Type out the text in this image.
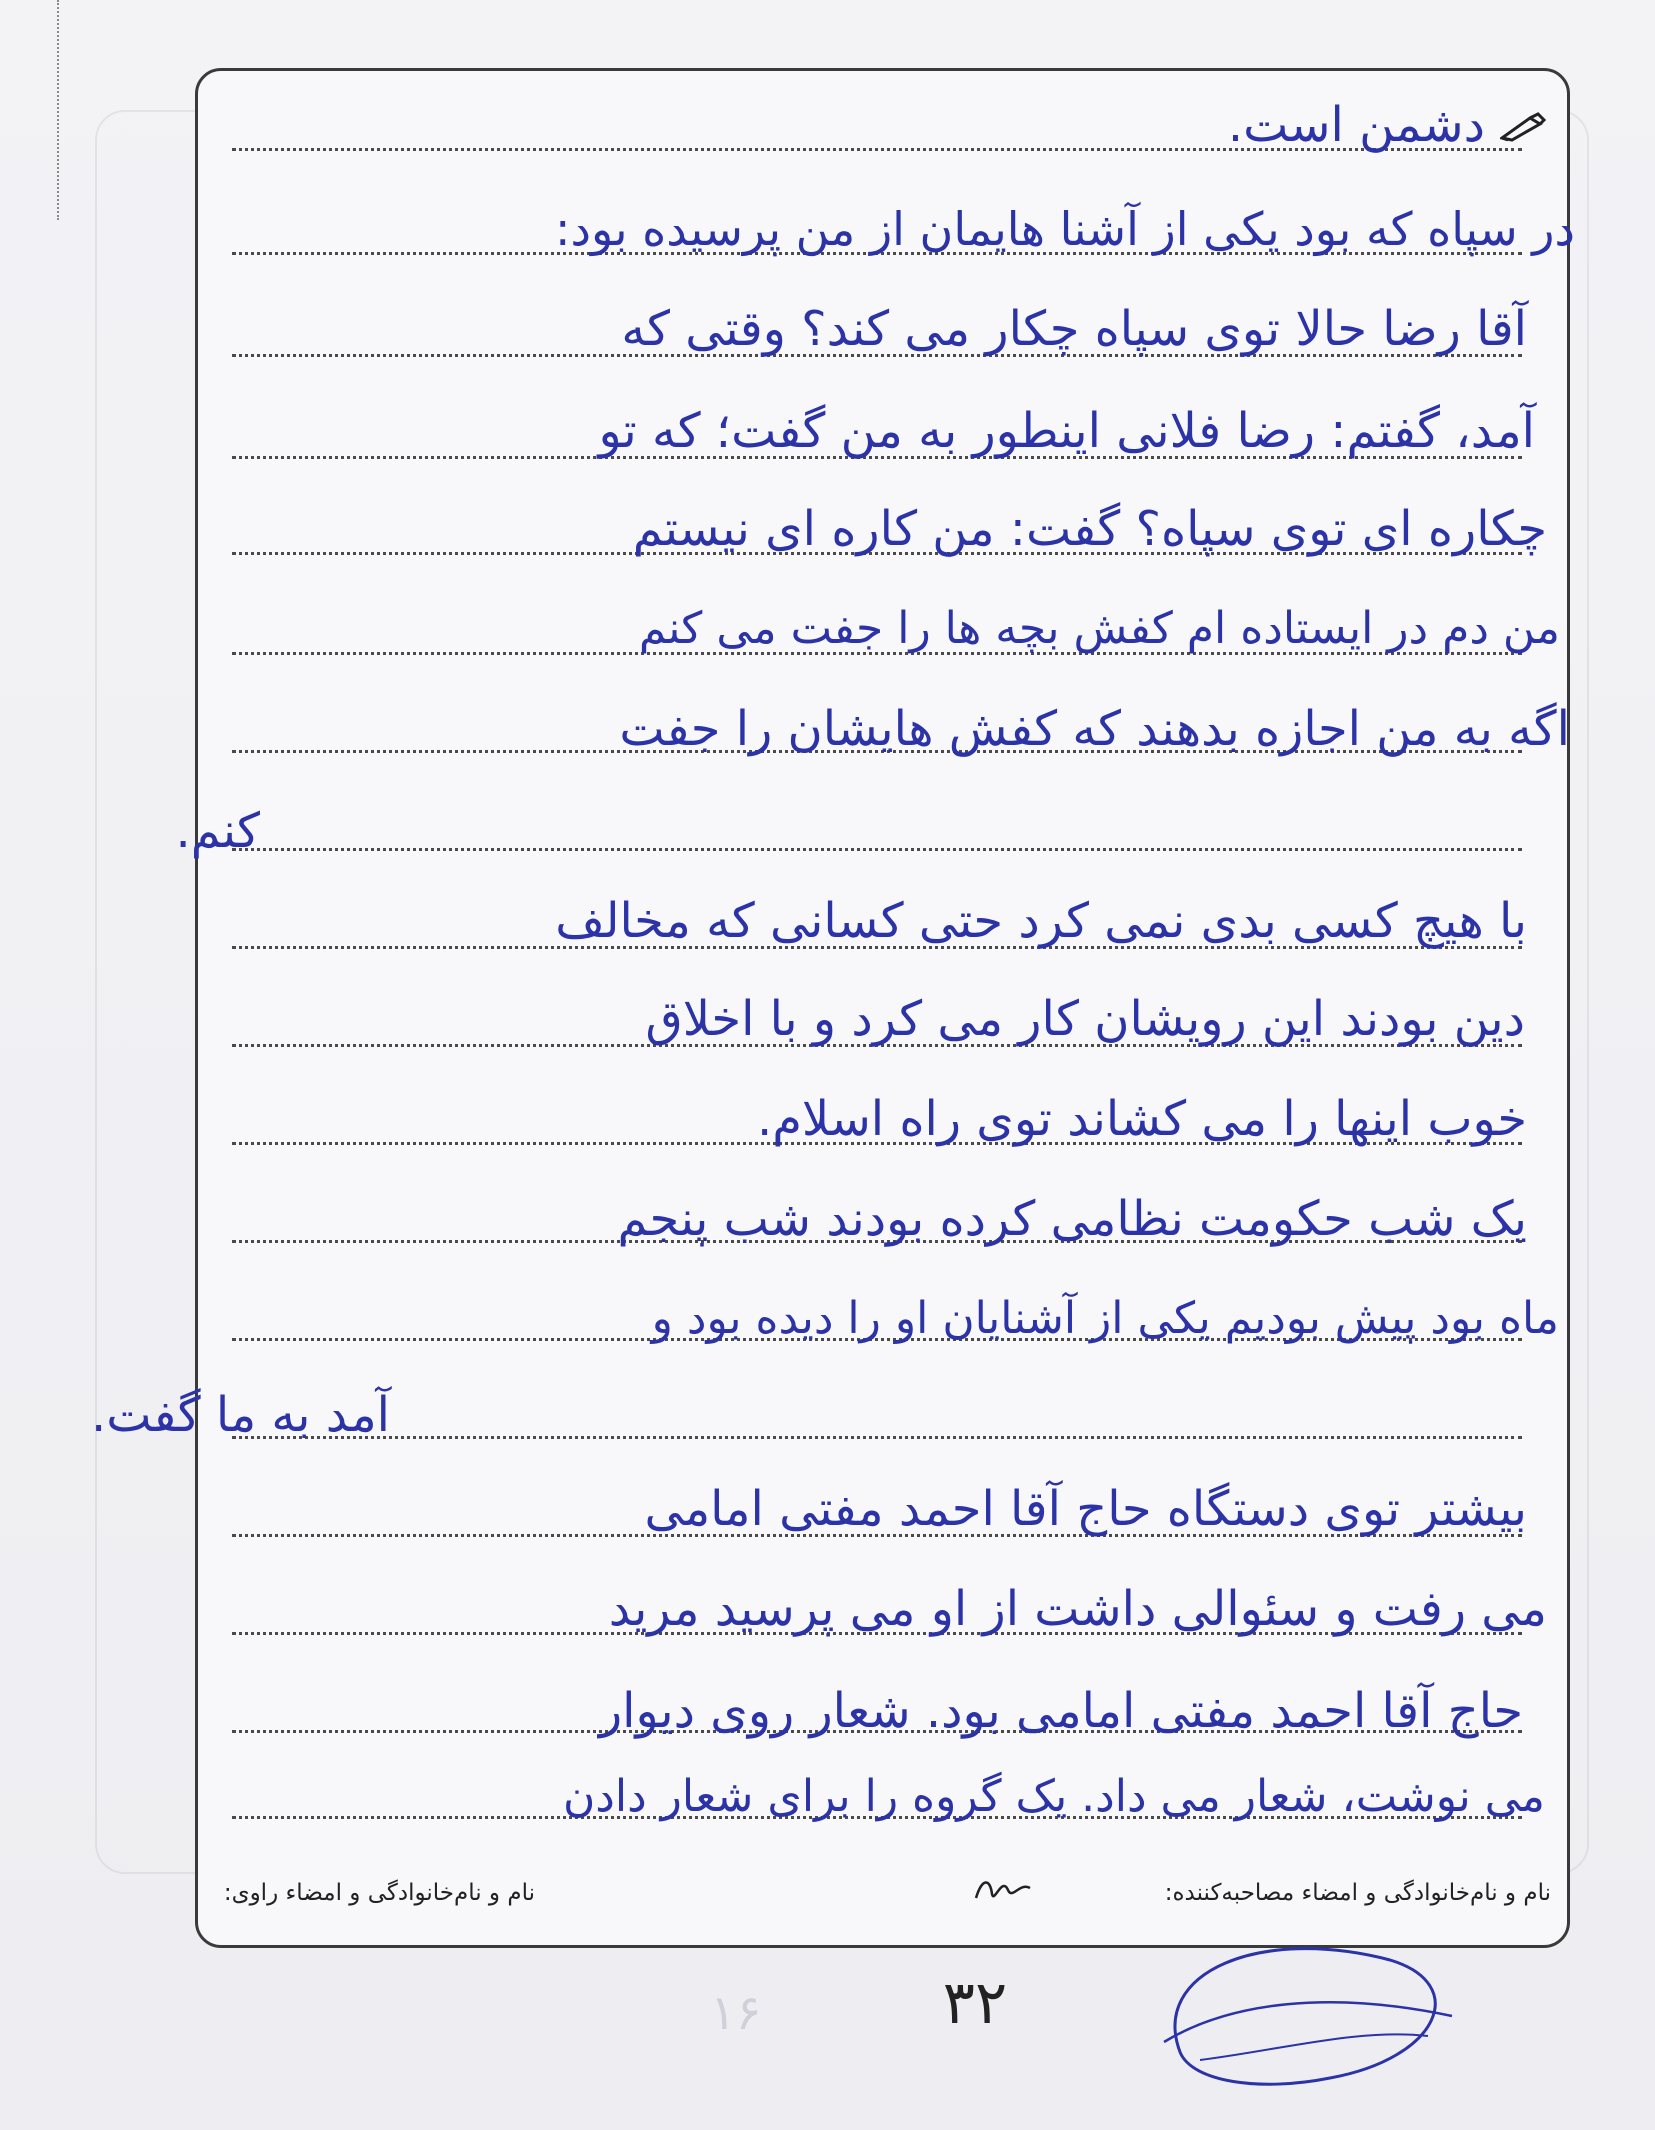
دشمن است.
در سپاه که بود یکی از آشنا هایمان از من پرسیده بود:
آقا رضا حالا توی سپاه چکار می کند؟ وقتی که
آمد، گفتم: رضا فلانی اینطور به من گفت؛ که تو
چکاره ای توی سپاه؟ گفت: من کاره ای نیستم
من دم در ایستاده ام کفش بچه ها را جفت می کنم
اگه به من اجازه بدهند که کفش هایشان را جفت
کنم.
با هیچ کسی بدی نمی کرد حتی کسانی که مخالف
دین بودند این رویشان کار می کرد و با اخلاق
خوب اینها را می کشاند توی راه اسلام.
یک شب حکومت نظامی کرده بودند شب پنجم
ماه بود پیش بودیم یکی از آشنایان او را دیده بود و
آمد به ما گفت.
بیشتر توی دستگاه حاج آقا احمد مفتی امامی
می رفت و سئوالی داشت از او می پرسید مرید
حاج آقا احمد مفتی امامی بود. شعار روی دیوار
می نوشت، شعار می داد. یک گروه را برای شعار دادن
نام و نام‌خانوادگی و امضاء مصاحبه‌کننده:
نام و نام‌خانوادگی و امضاء راوی:
۱۶	۳۲
